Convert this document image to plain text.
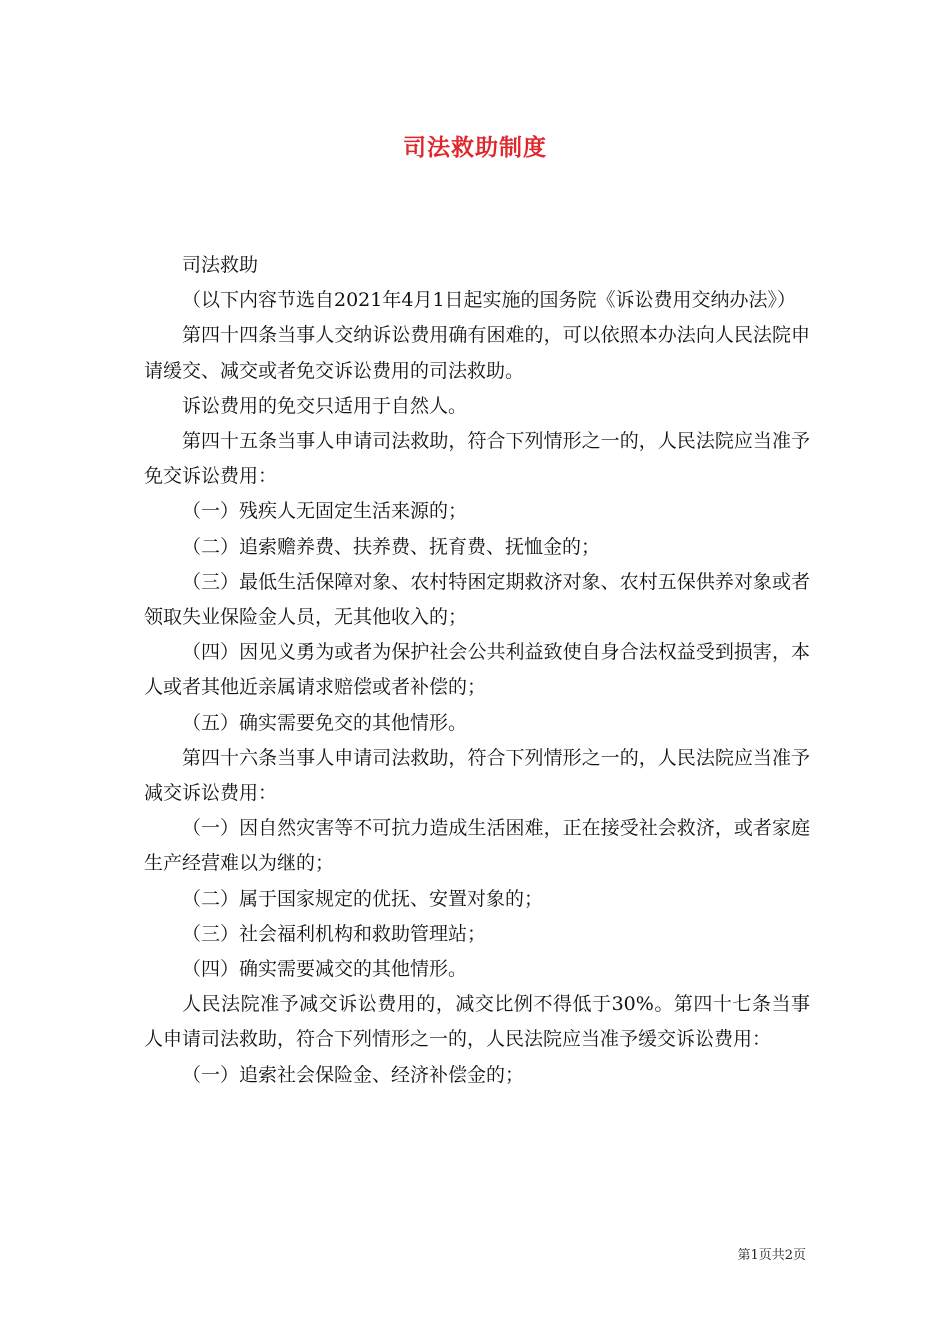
司法救助制度

司法救助

（以下内容节选自2021年4月1日起实施的国务院《诉讼费用交纳办法》）

第四十四条当事人交纳诉讼费用确有困难的，可以依照本办法向人民法院申请缓交、减交或者免交诉讼费用的司法救助。

诉讼费用的免交只适用于自然人。

第四十五条当事人申请司法救助，符合下列情形之一的，人民法院应当准予免交诉讼费用：

（一）残疾人无固定生活来源的；

（二）追索赡养费、扶养费、抚育费、抚恤金的；

（三）最低生活保障对象、农村特困定期救济对象、农村五保供养对象或者领取失业保险金人员，无其他收入的；

（四）因见义勇为或者为保护社会公共利益致使自身合法权益受到损害，本人或者其他近亲属请求赔偿或者补偿的；

（五）确实需要免交的其他情形。

第四十六条当事人申请司法救助，符合下列情形之一的，人民法院应当准予减交诉讼费用：

（一）因自然灾害等不可抗力造成生活困难，正在接受社会救济，或者家庭生产经营难以为继的；

（二）属于国家规定的优抚、安置对象的；

（三）社会福利机构和救助管理站；

（四）确实需要减交的其他情形。

人民法院准予减交诉讼费用的，减交比例不得低于30%。第四十七条当事人申请司法救助，符合下列情形之一的，人民法院应当准予缓交诉讼费用：

（一）追索社会保险金、经济补偿金的；

第1页共2页
